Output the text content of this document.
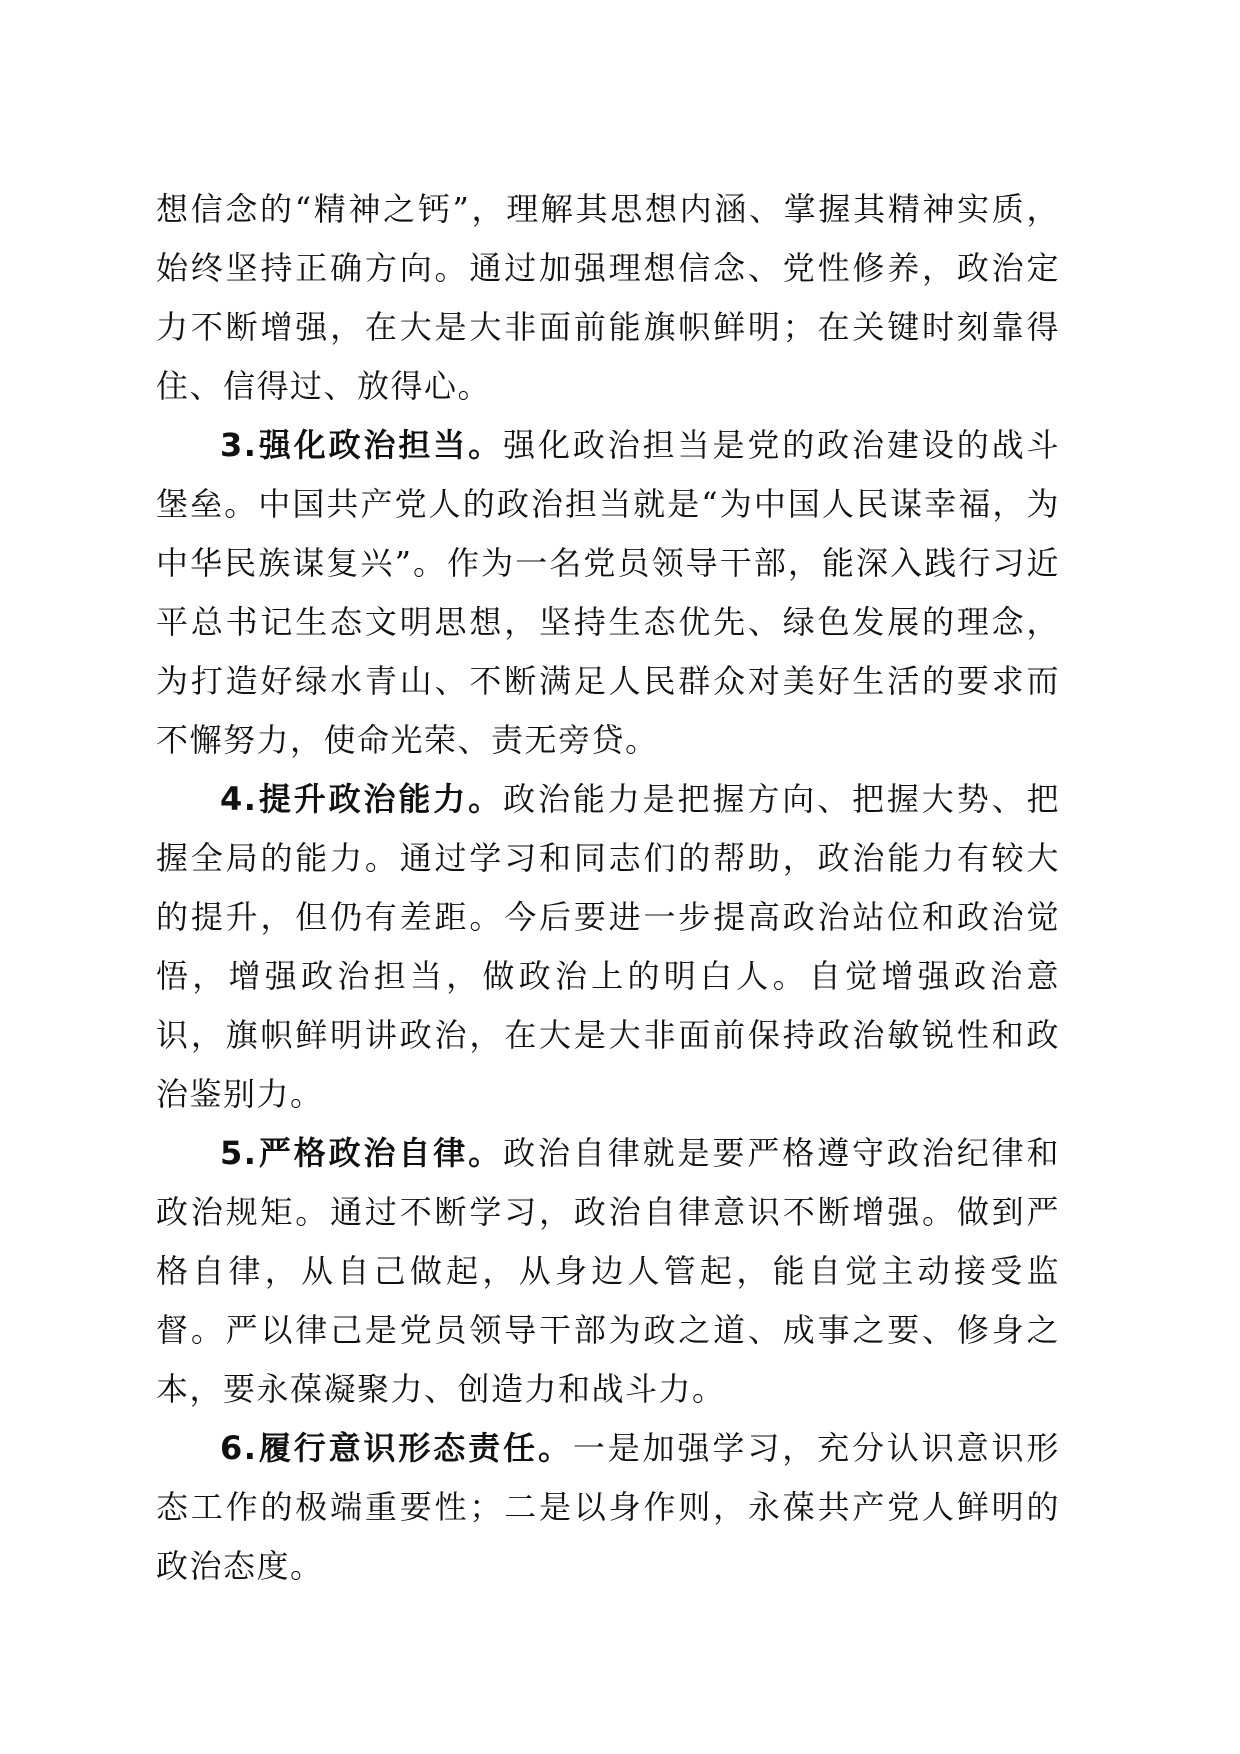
想信念的“精神之钙”，理解其思想内涵、掌握其精神实质，始终坚持正确方向。通过加强理想信念、党性修养，政治定力不断增强，在大是大非面前能旗帜鲜明；在关键时刻靠得住、信得过、放得心。

3.强化政治担当。强化政治担当是党的政治建设的战斗堡垒。中国共产党人的政治担当就是“为中国人民谋幸福，为中华民族谋复兴”。作为一名党员领导干部，能深入践行习近平总书记生态文明思想，坚持生态优先、绿色发展的理念，为打造好绿水青山、不断满足人民群众对美好生活的要求而不懈努力，使命光荣、责无旁贷。

4.提升政治能力。政治能力是把握方向、把握大势、把握全局的能力。通过学习和同志们的帮助，政治能力有较大的提升，但仍有差距。今后要进一步提高政治站位和政治觉悟，增强政治担当，做政治上的明白人。自觉增强政治意识，旗帜鲜明讲政治，在大是大非面前保持政治敏锐性和政治鉴别力。

5.严格政治自律。政治自律就是要严格遵守政治纪律和政治规矩。通过不断学习，政治自律意识不断增强。做到严格自律，从自己做起，从身边人管起，能自觉主动接受监督。严以律己是党员领导干部为政之道、成事之要、修身之本，要永葆凝聚力、创造力和战斗力。

6.履行意识形态责任。一是加强学习，充分认识意识形态工作的极端重要性；二是以身作则，永葆共产党人鲜明的政治态度。
